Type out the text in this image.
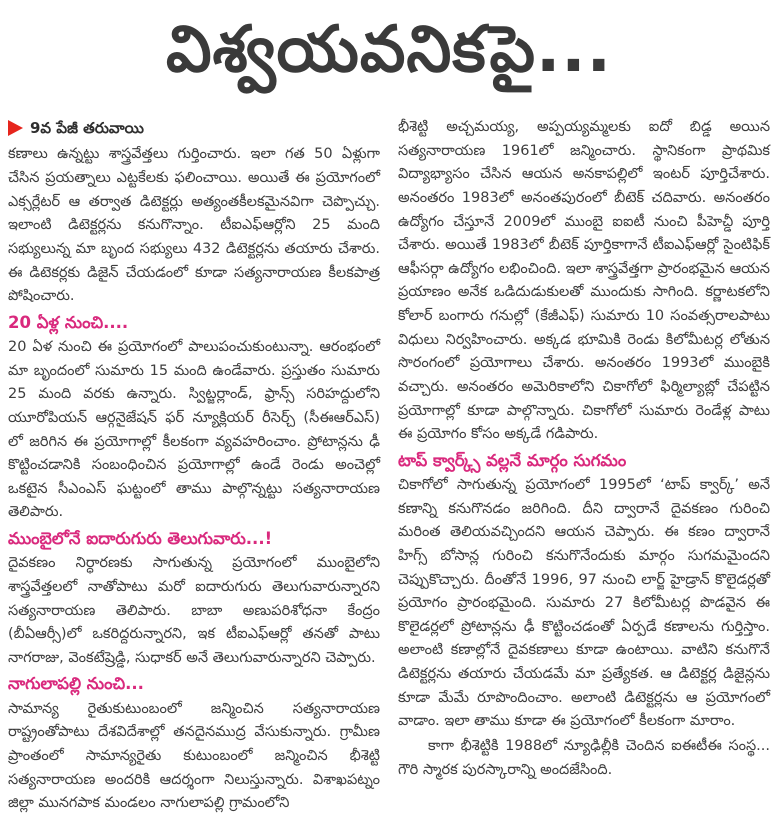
విశ్వయవనికపై...
9వ పేజీ తరువాయి

కణాలు ఉన్నట్టు శాస్త్రవేత్తలు గుర్తించారు. ఇలా గత 50 ఏళ్లుగా చేసిన ప్రయత్నాలు ఎట్టకేలకు ఫలించాయి. అయితే ఈ ప్రయోగంలో ఎక్సర్లేటర్ ఆ తర్వాత డిటెక్టర్లు అత్యంతకీలకమైనవిగా చెప్పొచ్చు. ఇలాంటి డిటెక్టర్లను కనుగొన్నాం. టీఐఎఫ్ఆర్లోని 25 మంది సభ్యులున్న మా బృంద సభ్యులు 432 డిటెక్టర్లను తయారు చేశారు. ఈ డిటెకర్లకు డిజైన్ చేయడంలో కూడా సత్యనారాయణ కీలకపాత్ర పోషించారు.

20 ఏళ్ల నుంచి....

20 ఏళ నుంచి ఈ ప్రయోగంలో పాలుపంచుకుంటున్నా. ఆరంభంలో మా బృందంలో సుమారు 15 మంది ఉండేవారు. ప్రస్తుతం సుమారు 25 మంది వరకు ఉన్నారు. స్విట్జర్లాండ్, ఫ్రాన్స్ సరిహద్దులోని యూరోపియన్ ఆర్గనైజేషన్ ఫర్ న్యూక్లియర్ రీసెర్చ్ (సీఈఆర్ఎస్) లో జరిగిన ఈ ప్రయోగాల్లో కీలకంగా వ్యవహరించాం. ప్రోటాన్లను ఢీ కొట్టించడానికి సంబంధించిన ప్రయోగాల్లో ఉండే రెండు అంచెల్లో ఒకటైన సీఎంఎస్ ఘట్టంలో తాము పాల్గొన్నట్టు సత్యనారాయణ తెలిపారు.

ముంబైలోనే ఐదారుగురు తెలుగువారు...!

దైవకణం నిర్ధారణకు సాగుతున్న ప్రయోగంలో ముంబైలోని శాస్త్రవేత్తలలో నాతోపాటు మరో ఐదారుగురు తెలుగువారున్నారని సత్యనారాయణ తెలిపారు. బాబా అణుపరిశోధనా కేంద్రం (బీఏఆర్సీ)లో ఒకరిద్దరున్నారని, ఇక టీఐఎఫ్ఆర్లో తనతో పాటు నాగరాజు, వెంకటేష్రెడ్డి, సుధాకర్ అనే తెలుగువారున్నారని చెప్పారు.

నాగులాపల్లి నుంచి...

సామాన్య రైతుకుటుంబంలో జన్మించిన సత్యనారాయణ రాష్ట్రంతోపాటు దేశవిదేశాల్లో తనదైనముద్ర వేసుకున్నారు. గ్రామీణ ప్రాంతంలో సామాన్యరైతు కుటుంబంలో జన్మించిన భీశెట్టి సత్యనారాయణ అందరికి ఆదర్శంగా నిలుస్తున్నారు. విశాఖపట్నం జిల్లా మునగపాక మండలం నాగులాపల్లి గ్రామంలోని

భీశెట్టి అచ్చమయ్య, అప్పయ్యమ్మలకు ఐదో బిడ్డ అయిన సత్యనారాయణ 1961లో జన్మించారు. స్థానికంగా ప్రాథమిక విద్యాభ్యాసం చేసిన ఆయన అనకాపల్లిలో ఇంటర్ పూర్తిచేశారు. అనంతరం 1983లో అనంతపురంలో బీటెక్ చదివారు. అనంతరం ఉద్యోగం చేస్తూనే 2009లో ముంబై ఐఐటీ నుంచి పీహెచ్డీ పూర్తి చేశారు. అయితే 1983లో బీటెక్ పూర్తికాగానే టీఐఎఫ్ఆర్లో సైంటిఫిక్ ఆఫీసర్గా ఉద్యోగం లభించింది. ఇలా శాస్త్రవేత్తగా ప్రారంభమైన ఆయన ప్రయాణం అనేక ఒడిదుడుకులతో ముందుకు సాగింది. కర్ణాటకలోని కోలార్ బంగారు గనుల్లో (కేజీఎఫ్) సుమారు 10 సంవత్సరాలపాటు విధులు నిర్వహించారు. అక్కడ భూమికి రెండు కిలోమీటర్ల లోతున సొరంగంలో ప్రయోగాలు చేశారు. అనంతరం 1993లో ముంబైకి వచ్చారు. అనంతరం అమెరికాలోని చికాగోలో ఫిర్మిల్యాబ్లో చేపట్టిన ప్రయోగాల్లో కూడా పాల్గొన్నారు. చికాగోలో సుమారు రెండేళ్ల పాటు ఈ ప్రయోగం కోసం అక్కడే గడిపారు.

టాప్ క్వార్క్స్ వల్లనే మార్గం సుగమం

చికాగోలో సాగుతున్న ప్రయోగంలో 1995లో ‘టాప్ క్వార్క్’ అనే కణాన్ని కనుగొనడం జరిగింది. దీని ద్వారానే దైవకణం గురించి మరింత తెలియవచ్చిందని ఆయన చెప్పారు. ఈ కణం ద్వారానే హిగ్స్ బోసాన్ల గురించి కనుగొనేందుకు మార్గం సుగమమైందని చెప్పుకొచ్చారు. దీంతోనే 1996, 97 నుంచి లార్జ్ హైడ్రాన్ కొలైడర్లతో ప్రయోగం ప్రారంభమైంది. సుమారు 27 కిలోమీటర్ల పొడవైన ఈ కొలైడర్లలో ప్రోటాన్లను ఢీ కొట్టించడంతో ఏర్పడే కణాలను గుర్తిస్తాం. అలాంటి కణాల్లోనే దైవకణాలు కూడా ఉంటాయి. వాటిని కనుగొనే డిటెక్టర్లను తయారు చేయడమే మా ప్రత్యేకత. ఆ డిటెక్టర్ల డిజైన్లను కూడా మేమే రూపొందించాం. అలాంటి డిటెక్టర్లను ఆ ప్రయోగంలో వాడాం. ఇలా తాము కూడా ఈ ప్రయోగంలో కీలకంగా మారాం.

కాగా భీశెట్టికి 1988లో న్యూఢిల్లీకి చెందిన ఐఈటీఈ సంస్థ... గౌరి స్మారక పురస్కారాన్ని అందజేసింది.
